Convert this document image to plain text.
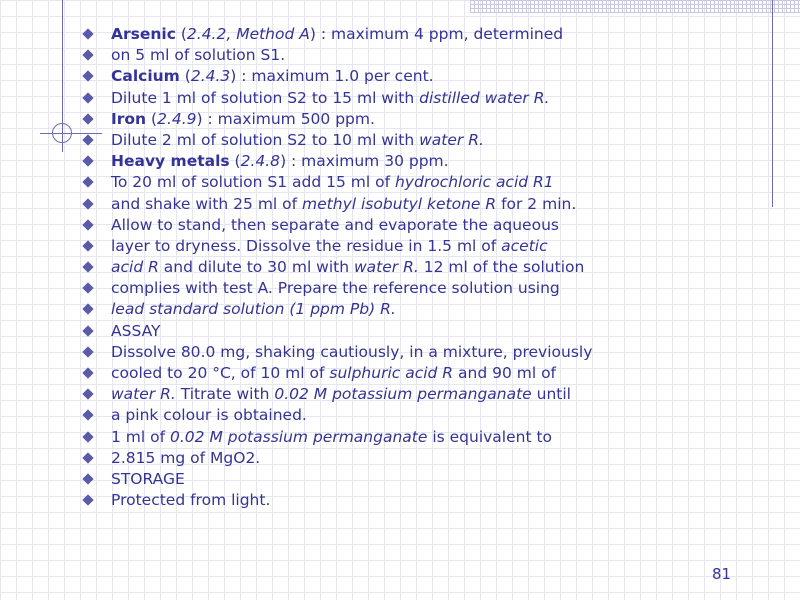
Arsenic (2.4.2, Method A) : maximum 4 ppm, determined
on 5 ml of solution S1.
Calcium (2.4.3) : maximum 1.0 per cent.
Dilute 1 ml of solution S2 to 15 ml with distilled water R.
Iron (2.4.9) : maximum 500 ppm.
Dilute 2 ml of solution S2 to 10 ml with water R.
Heavy metals (2.4.8) : maximum 30 ppm.
To 20 ml of solution S1 add 15 ml of hydrochloric acid R1
and shake with 25 ml of methyl isobutyl ketone R for 2 min.
Allow to stand, then separate and evaporate the aqueous
layer to dryness. Dissolve the residue in 1.5 ml of acetic
acid R and dilute to 30 ml with water R. 12 ml of the solution
complies with test A. Prepare the reference solution using
lead standard solution (1 ppm Pb) R.
ASSAY
Dissolve 80.0 mg, shaking cautiously, in a mixture, previously
cooled to 20 °C, of 10 ml of sulphuric acid R and 90 ml of
water R. Titrate with 0.02 M potassium permanganate until
a pink colour is obtained.
1 ml of 0.02 M potassium permanganate is equivalent to
2.815 mg of MgO2.
STORAGE
Protected from light.
81
